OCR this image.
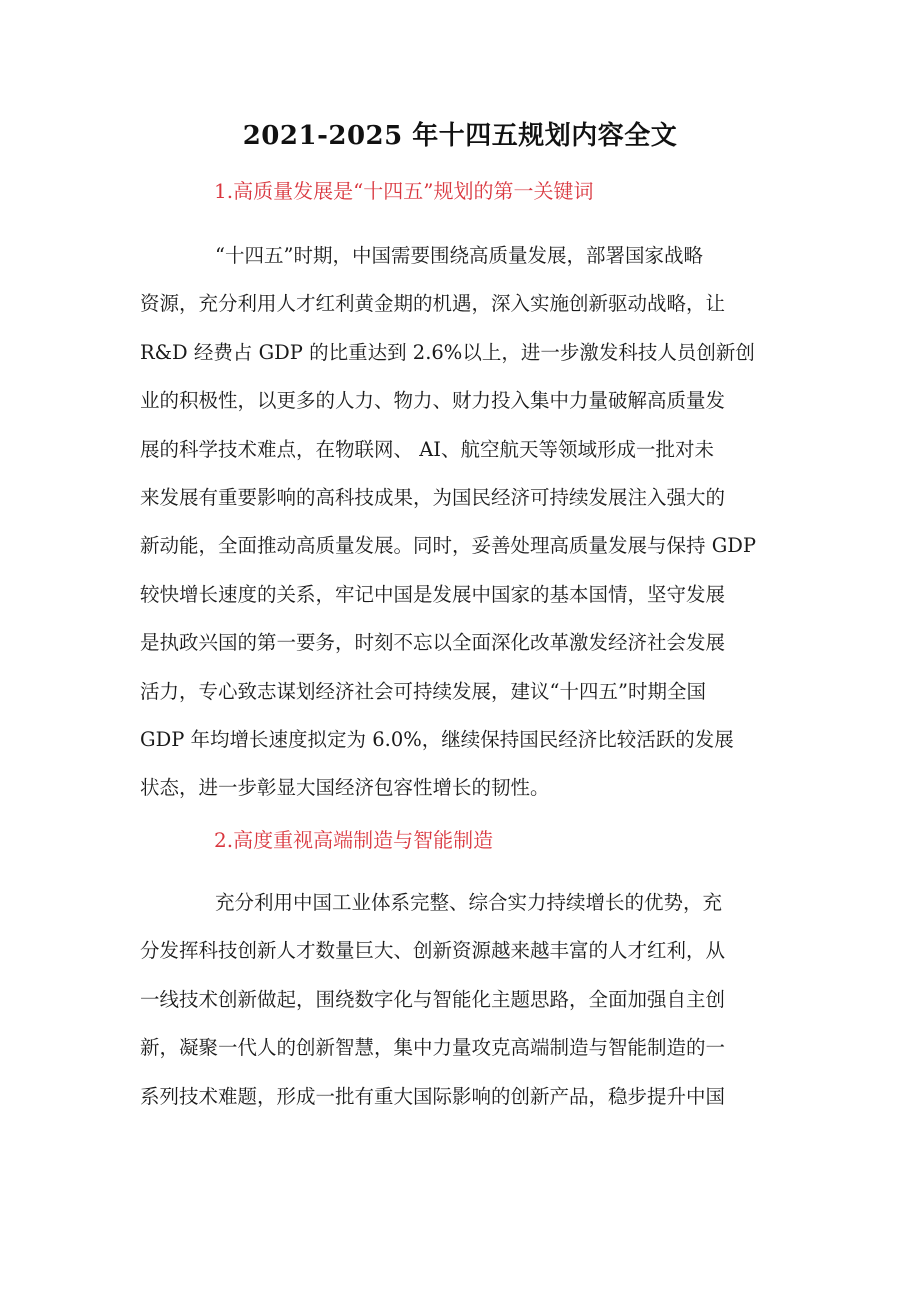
2021-2025 年十四五规划内容全文
1.高质量发展是“十四五”规划的第一关键词
“十四五”时期，中国需要围绕高质量发展，部署国家战略
资源，充分利用人才红利黄金期的机遇，深入实施创新驱动战略，让
R&D 经费占 GDP 的比重达到 2.6%以上，进一步激发科技人员创新创
业的积极性，以更多的人力、物力、财力投入集中力量破解高质量发
展的科学技术难点，在物联网、 AI、航空航天等领域形成一批对未
来发展有重要影响的高科技成果，为国民经济可持续发展注入强大的
新动能，全面推动高质量发展。同时，妥善处理高质量发展与保持 GDP
较快增长速度的关系，牢记中国是发展中国家的基本国情，坚守发展
是执政兴国的第一要务，时刻不忘以全面深化改革激发经济社会发展
活力，专心致志谋划经济社会可持续发展，建议“十四五”时期全国
GDP 年均增长速度拟定为 6.0%，继续保持国民经济比较活跃的发展
状态，进一步彰显大国经济包容性增长的韧性。
2.高度重视高端制造与智能制造
充分利用中国工业体系完整、综合实力持续增长的优势，充
分发挥科技创新人才数量巨大、创新资源越来越丰富的人才红利，从
一线技术创新做起，围绕数字化与智能化主题思路，全面加强自主创
新，凝聚一代人的创新智慧，集中力量攻克高端制造与智能制造的一
系列技术难题，形成一批有重大国际影响的创新产品，稳步提升中国
